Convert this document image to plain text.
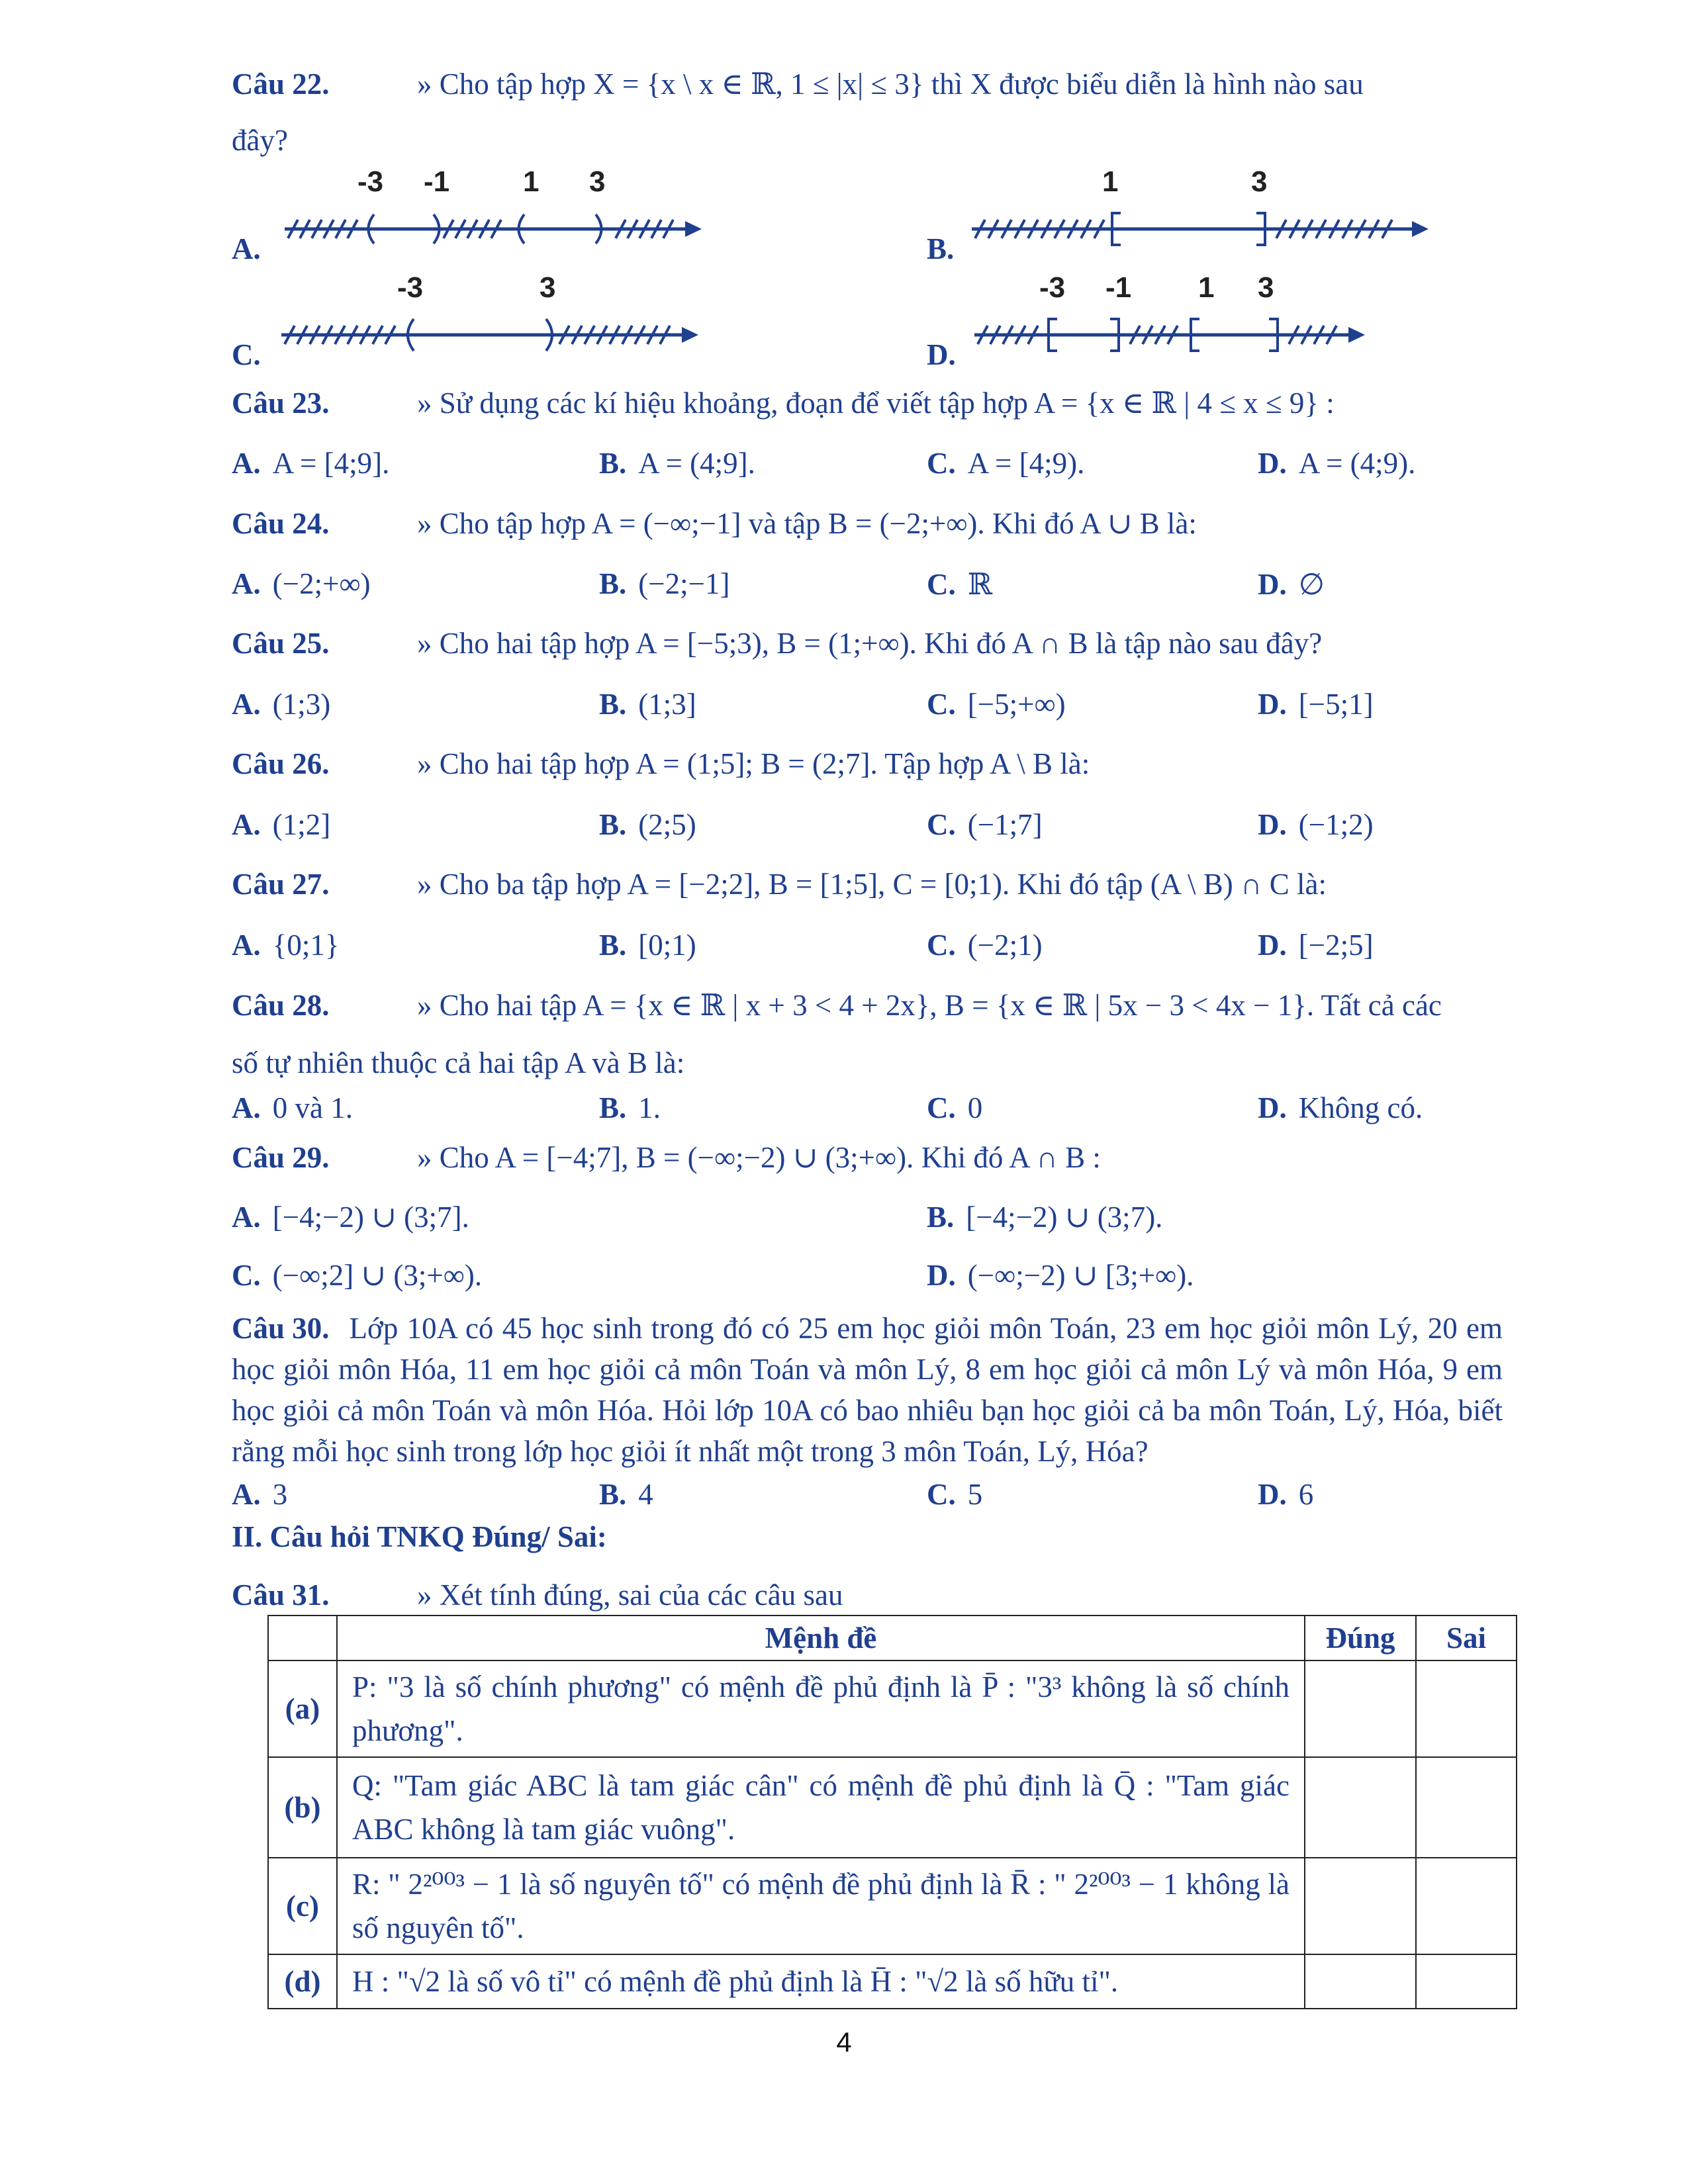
Câu 22.	» Cho tập hợp X = {x \ x ∈ ℝ, 1 ≤ |x| ≤ 3} thì X được biểu diễn là hình nào sau
đây?
A.
-3 -1	1 3
B.
1	3
C.
-3	3
D.
-3 -1 1 3
Câu 23.	» Sử dụng các kí hiệu khoảng, đoạn để viết tập hợp A = {x ∈ ℝ | 4 ≤ x ≤ 9} :
A. A = [4;9].	B. A = (4;9].	C. A = [4;9).	D. A = (4;9).
Câu 24.	» Cho tập hợp A = (−∞;−1] và tập B = (−2;+∞). Khi đó A ∪ B là:
A. (−2;+∞)	B. (−2;−1]	C. ℝ	D. ∅
Câu 25.	» Cho hai tập hợp A = [−5;3), B = (1;+∞). Khi đó A ∩ B là tập nào sau đây?
A. (1;3)	B. (1;3]	C. [−5;+∞)	D. [−5;1]
Câu 26.	» Cho hai tập hợp A = (1;5]; B = (2;7]. Tập hợp A \ B là:
A. (1;2]	B. (2;5)	C. (−1;7]	D. (−1;2)
Câu 27.	» Cho ba tập hợp A = [−2;2], B = [1;5], C = [0;1). Khi đó tập (A \ B) ∩ C là:
A. {0;1}	B. [0;1)	C. (−2;1)	D. [−2;5]
Câu 28.	» Cho hai tập A = {x ∈ ℝ | x + 3 < 4 + 2x}, B = {x ∈ ℝ | 5x − 3 < 4x − 1}. Tất cả các
số tự nhiên thuộc cả hai tập A và B là:
A. 0 và 1.	B. 1.	C. 0	D. Không có.
Câu 29.	» Cho A = [−4;7], B = (−∞;−2) ∪ (3;+∞). Khi đó A ∩ B :
A. [−4;−2) ∪ (3;7].	B. [−4;−2) ∪ (3;7).
C. (−∞;2] ∪ (3;+∞).	D. (−∞;−2) ∪ [3;+∞).
Câu 30. Lớp 10A có 45 học sinh trong đó có 25 em học giỏi môn Toán, 23 em học giỏi môn Lý, 20 em học giỏi môn Hóa, 11 em học giỏi cả môn Toán và môn Lý, 8 em học giỏi cả môn Lý và môn Hóa, 9 em học giỏi cả môn Toán và môn Hóa. Hỏi lớp 10A có bao nhiêu bạn học giỏi cả ba môn Toán, Lý, Hóa, biết rằng mỗi học sinh trong lớp học giỏi ít nhất một trong 3 môn Toán, Lý, Hóa?
A. 3	B. 4	C. 5	D. 6
II. Câu hỏi TNKQ Đúng/ Sai:
Câu 31.	» Xét tính đúng, sai của các câu sau
	Mệnh đề	Đúng	Sai
(a)	P: "3 là số chính phương" có mệnh đề phủ định là P̄ : "3³ không là số chính phương".		
(b)	Q: "Tam giác ABC là tam giác cân" có mệnh đề phủ định là Q̄ : "Tam giác ABC không là tam giác vuông".		
(c)	R: " 2²⁰⁰³ − 1 là số nguyên tố" có mệnh đề phủ định là R̄ : " 2²⁰⁰³ − 1 không là số nguyên tố".		
(d)	H : "√2 là số vô tỉ" có mệnh đề phủ định là H̄ : "√2 là số hữu tỉ".		
4
